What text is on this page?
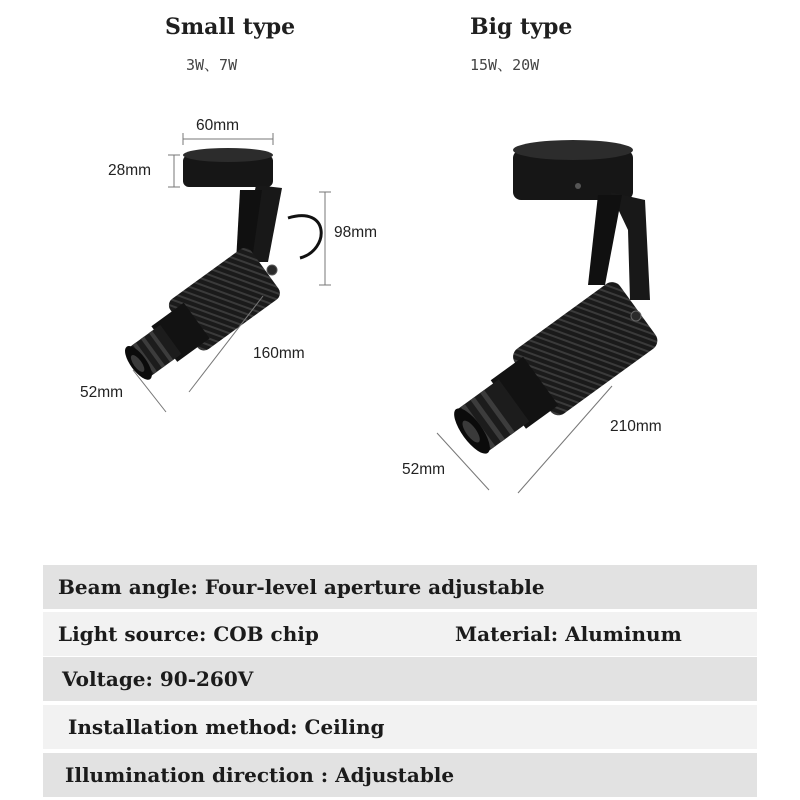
Small type
3W、7W
Big type
15W、20W
60mm
28mm
98mm
160mm
52mm
210mm
52mm
Beam angle: Four-level aperture adjustable
Light source: COB chip	Material: Aluminum
Voltage: 90-260V
Installation method: Ceiling
Illumination direction : Adjustable
